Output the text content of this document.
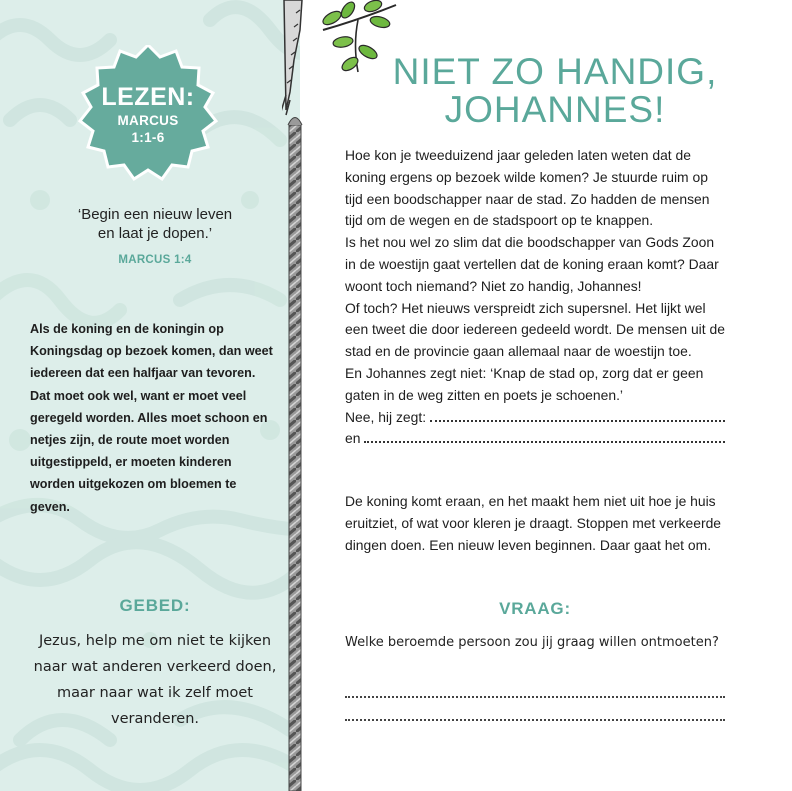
LEZEN:
MARCUS
1:1-6
‘Begin een nieuw leven
en laat je dopen.’
MARCUS 1:4
Als de koning en de koningin op Koningsdag op bezoek komen, dan weet iedereen dat een halfjaar van tevoren. Dat moet ook wel, want er moet veel geregeld worden. Alles moet schoon en netjes zijn, de route moet worden uitgestippeld, er moeten kinderen worden uitgekozen om bloemen te geven.
GEBED:
Jezus, help me om niet te kijken naar wat anderen verkeerd doen, maar naar wat ik zelf moet veranderen.
NIET ZO HANDIG,
JOHANNES!

Hoe kon je tweeduizend jaar geleden laten weten dat de koning ergens op bezoek wilde komen? Je stuurde ruim op tijd een boodschapper naar de stad. Zo hadden de mensen tijd om de wegen en de stadspoort op te knappen.

Is het nou wel zo slim dat die boodschapper van Gods Zoon in de woestijn gaat vertellen dat de koning eraan komt? Daar woont toch niemand? Niet zo handig, Johannes!

Of toch? Het nieuws verspreidt zich supersnel. Het lijkt wel een tweet die door iedereen gedeeld wordt. De mensen uit de stad en de provincie gaan allemaal naar de woestijn toe.

En Johannes zegt niet: ‘Knap de stad op, zorg dat er geen gaten in de weg zitten en poets je schoenen.’

Nee, hij zegt:
en
De koning komt eraan, en het maakt hem niet uit hoe je huis eruitziet, of wat voor kleren je draagt. Stoppen met verkeerde dingen doen. Een nieuw leven beginnen. Daar gaat het om.
VRAAG:
Welke beroemde persoon zou jij graag willen ontmoeten?
